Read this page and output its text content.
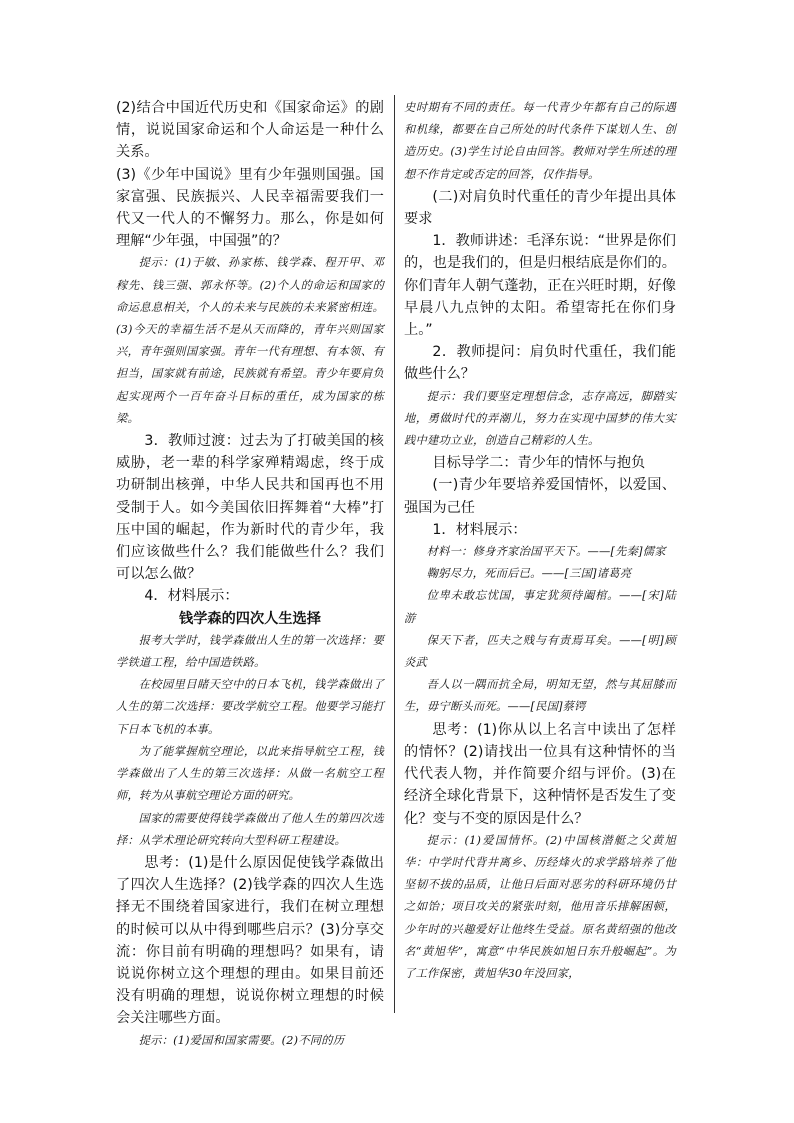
(2)结合中国近代历史和《国家命运》的剧情，说说国家命运和个人命运是一种什么关系。

(3)《少年中国说》里有少年强则国强。国家富强、民族振兴、人民幸福需要我们一代又一代人的不懈努力。那么，你是如何理解“少年强，中国强”的？

提示：(1)于敏、孙家栋、钱学森、程开甲、邓稼先、钱三强、郭永怀等。(2)个人的命运和国家的命运息息相关，个人的未来与民族的未来紧密相连。(3)今天的幸福生活不是从天而降的，青年兴则国家兴，青年强则国家强。青年一代有理想、有本领、有担当，国家就有前途，民族就有希望。青少年要肩负起实现两个一百年奋斗目标的重任，成为国家的栋梁。

3．教师过渡：过去为了打破美国的核威胁，老一辈的科学家殚精竭虑，终于成功研制出核弹，中华人民共和国再也不用受制于人。如今美国依旧挥舞着“大棒”打压中国的崛起，作为新时代的青少年，我们应该做些什么？我们能做些什么？我们可以怎么做？

4．材料展示：

钱学森的四次人生选择

报考大学时，钱学森做出人生的第一次选择：要学铁道工程，给中国造铁路。

在校园里目睹天空中的日本飞机，钱学森做出了人生的第二次选择：要改学航空工程。他要学习能打下日本飞机的本事。

为了能掌握航空理论，以此来指导航空工程，钱学森做出了人生的第三次选择：从做一名航空工程师，转为从事航空理论方面的研究。

国家的需要使得钱学森做出了他人生的第四次选择：从学术理论研究转向大型科研工程建设。

思考：(1)是什么原因促使钱学森做出了四次人生选择？(2)钱学森的四次人生选择无不围绕着国家进行，我们在树立理想的时候可以从中得到哪些启示？(3)分享交流：你目前有明确的理想吗？如果有，请说说你树立这个理想的理由。如果目前还没有明确的理想，说说你树立理想的时候会关注哪些方面。

提示：(1)爱国和国家需要。(2)不同的历

史时期有不同的责任。每一代青少年都有自己的际遇和机缘，都要在自己所处的时代条件下谋划人生、创造历史。(3)学生讨论自由回答。教师对学生所述的理想不作肯定或否定的回答，仅作指导。

(二)对肩负时代重任的青少年提出具体要求

1．教师讲述：毛泽东说：“世界是你们的，也是我们的，但是归根结底是你们的。你们青年人朝气蓬勃，正在兴旺时期，好像早晨八九点钟的太阳。希望寄托在你们身上。”

2．教师提问：肩负时代重任，我们能做些什么？

提示：我们要坚定理想信念，志存高远，脚踏实地，勇做时代的弄潮儿，努力在实现中国梦的伟大实践中建功立业，创造自己精彩的人生。

目标导学二：青少年的情怀与抱负

(一)青少年要培养爱国情怀，以爱国、强国为己任

1．材料展示：

材料一：修身齐家治国平天下。——[先秦]儒家

鞠躬尽力，死而后已。——[三国]诸葛亮

位卑未敢忘忧国，事定犹须待阖棺。——[宋]陆游

保天下者，匹夫之贱与有责焉耳矣。——[明]顾炎武

吾人以一隅而抗全局，明知无望，然与其屈膝而生，毋宁断头而死。——[民国]蔡锷

思考：(1)你从以上名言中读出了怎样的情怀？(2)请找出一位具有这种情怀的当代代表人物，并作简要介绍与评价。(3)在经济全球化背景下，这种情怀是否发生了变化？变与不变的原因是什么？

提示：(1)爱国情怀。(2)中国核潜艇之父黄旭华：中学时代背井离乡、历经烽火的求学路培养了他坚韧不拔的品质，让他日后面对恶劣的科研环境仍甘之如饴；项目攻关的紧张时刻，他用音乐排解困顿，少年时的兴趣爱好让他终生受益。原名黄绍强的他改名“黄旭华”，寓意“中华民族如旭日东升般崛起”。为了工作保密，黄旭华30年没回家，
